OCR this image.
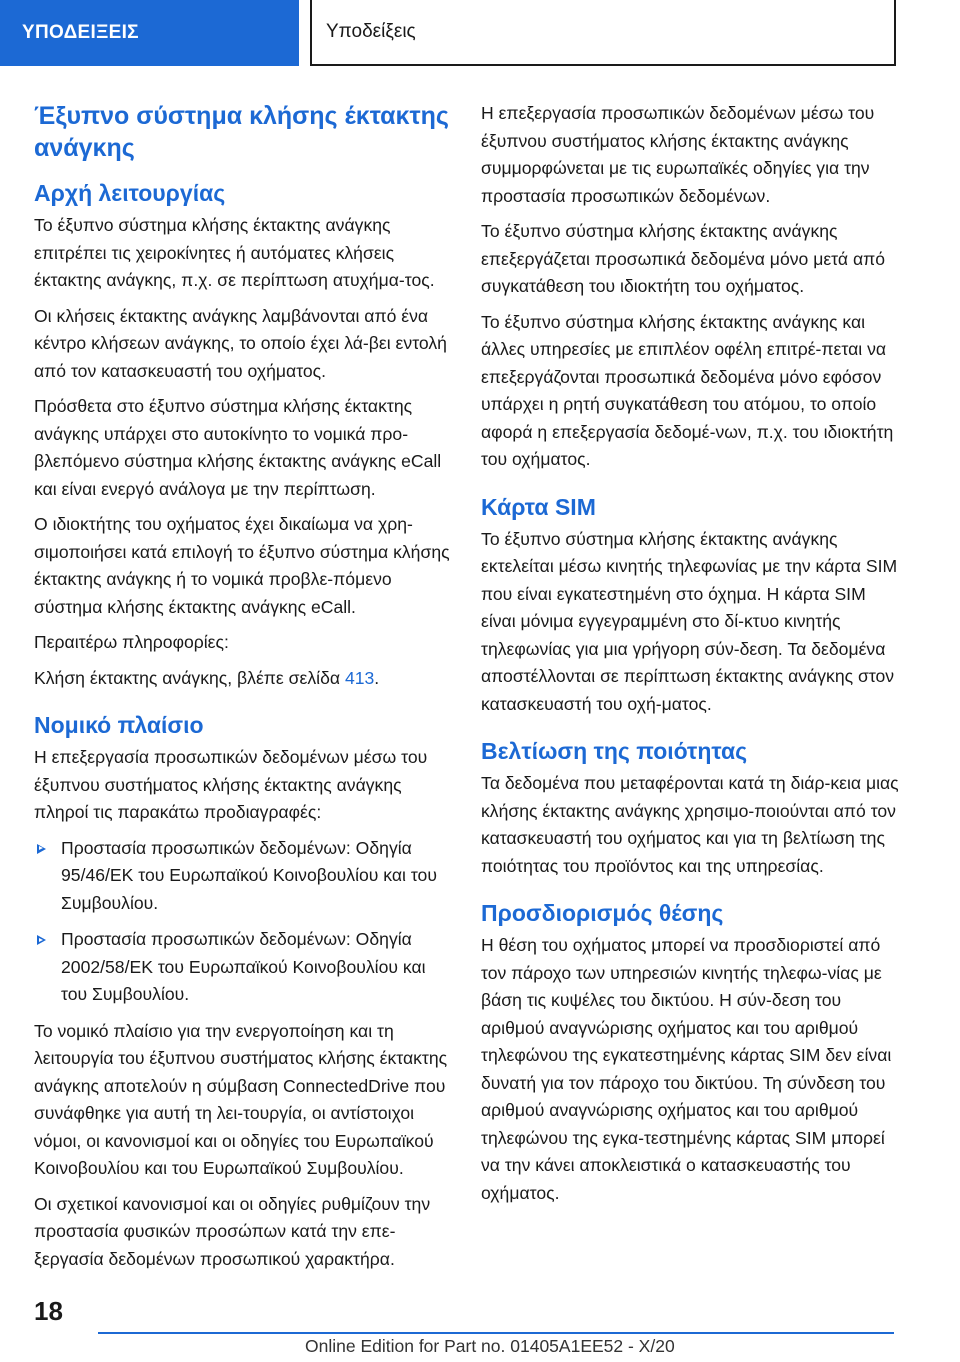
ΥΠΟΔΕΙΞΕΙΣ	Υποδείξεις
Έξυπνο σύστημα κλήσης έκτακτης ανάγκης
Αρχή λειτουργίας

Το έξυπνο σύστημα κλήσης έκτακτης ανάγκης επιτρέπει τις χειροκίνητες ή αυτόματες κλήσεις έκτακτης ανάγκης, π.χ. σε περίπτωση ατυχήμα-τος.

Οι κλήσεις έκτακτης ανάγκης λαμβάνονται από ένα κέντρο κλήσεων ανάγκης, το οποίο έχει λά-βει εντολή από τον κατασκευαστή του οχήματος.

Πρόσθετα στο έξυπνο σύστημα κλήσης έκτακτης ανάγκης υπάρχει στο αυτοκίνητο το νομικά προ-βλεπόμενο σύστημα κλήσης έκτακτης ανάγκης eCall και είναι ενεργό ανάλογα με την περίπτωση.

Ο ιδιοκτήτης του οχήματος έχει δικαίωμα να χρη-σιμοποιήσει κατά επιλογή το έξυπνο σύστημα κλήσης έκτακτης ανάγκης ή το νομικά προβλε-πόμενο σύστημα κλήσης έκτακτης ανάγκης eCall.

Περαιτέρω πληροφορίες:

Κλήση έκτακτης ανάγκης, βλέπε σελίδα 413.

Νομικό πλαίσιο

Η επεξεργασία προσωπικών δεδομένων μέσω του έξυπνου συστήματος κλήσης έκτακτης ανάγκης πληροί τις παρακάτω προδιαγραφές:

Προστασία προσωπικών δεδομένων: Οδηγία 95/46/EK του Ευρωπαϊκού Κοινοβουλίου και του Συμβουλίου.
Προστασία προσωπικών δεδομένων: Οδηγία 2002/58/EK του Ευρωπαϊκού Κοινοβουλίου και του Συμβουλίου.

Το νομικό πλαίσιο για την ενεργοποίηση και τη λειτουργία του έξυπνου συστήματος κλήσης έκτακτης ανάγκης αποτελούν η σύμβαση ConnectedDrive που συνάφθηκε για αυτή τη λει-τουργία, οι αντίστοιχοι νόμοι, οι κανονισμοί και οι οδηγίες του Ευρωπαϊκού Κοινοβουλίου και του Ευρωπαϊκού Συμβουλίου.

Οι σχετικοί κανονισμοί και οι οδηγίες ρυθμίζουν την προστασία φυσικών προσώπων κατά την επε-ξεργασία δεδομένων προσωπικού χαρακτήρα.

Η επεξεργασία προσωπικών δεδομένων μέσω του έξυπνου συστήματος κλήσης έκτακτης ανάγκης συμμορφώνεται με τις ευρωπαϊκές οδηγίες για την προστασία προσωπικών δεδομένων.

Το έξυπνο σύστημα κλήσης έκτακτης ανάγκης επεξεργάζεται προσωπικά δεδομένα μόνο μετά από συγκατάθεση του ιδιοκτήτη του οχήματος.

Το έξυπνο σύστημα κλήσης έκτακτης ανάγκης και άλλες υπηρεσίες με επιπλέον οφέλη επιτρέ-πεται να επεξεργάζονται προσωπικά δεδομένα μόνο εφόσον υπάρχει η ρητή συγκατάθεση του ατόμου, το οποίο αφορά η επεξεργασία δεδομέ-νων, π.χ. του ιδιοκτήτη του οχήματος.

Κάρτα SIM

Το έξυπνο σύστημα κλήσης έκτακτης ανάγκης εκτελείται μέσω κινητής τηλεφωνίας με την κάρτα SIM που είναι εγκατεστημένη στο όχημα. Η κάρτα SIM είναι μόνιμα εγγεγραμμένη στο δί-κτυο κινητής τηλεφωνίας για μια γρήγορη σύν-δεση. Τα δεδομένα αποστέλλονται σε περίπτωση έκτακτης ανάγκης στον κατασκευαστή του οχή-ματος.

Βελτίωση της ποιότητας

Τα δεδομένα που μεταφέρονται κατά τη διάρ-κεια μιας κλήσης έκτακτης ανάγκης χρησιμο-ποιούνται από τον κατασκευαστή του οχήματος και για τη βελτίωση της ποιότητας του προϊόντος και της υπηρεσίας.

Προσδιορισμός θέσης

Η θέση του οχήματος μπορεί να προσδιοριστεί από τον πάροχο των υπηρεσιών κινητής τηλεφω-νίας με βάση τις κυψέλες του δικτύου. Η σύν-δεση του αριθμού αναγνώρισης οχήματος και του αριθμού τηλεφώνου της εγκατεστημένης κάρτας SIM δεν είναι δυνατή για τον πάροχο του δικτύου. Τη σύνδεση του αριθμού αναγνώρισης οχήματος και του αριθμού τηλεφώνου της εγκα-τεστημένης κάρτας SIM μπορεί να την κάνει αποκλειστικά ο κατασκευαστής του οχήματος.

18
Online Edition for Part no. 01405A1EE52 - X/20
